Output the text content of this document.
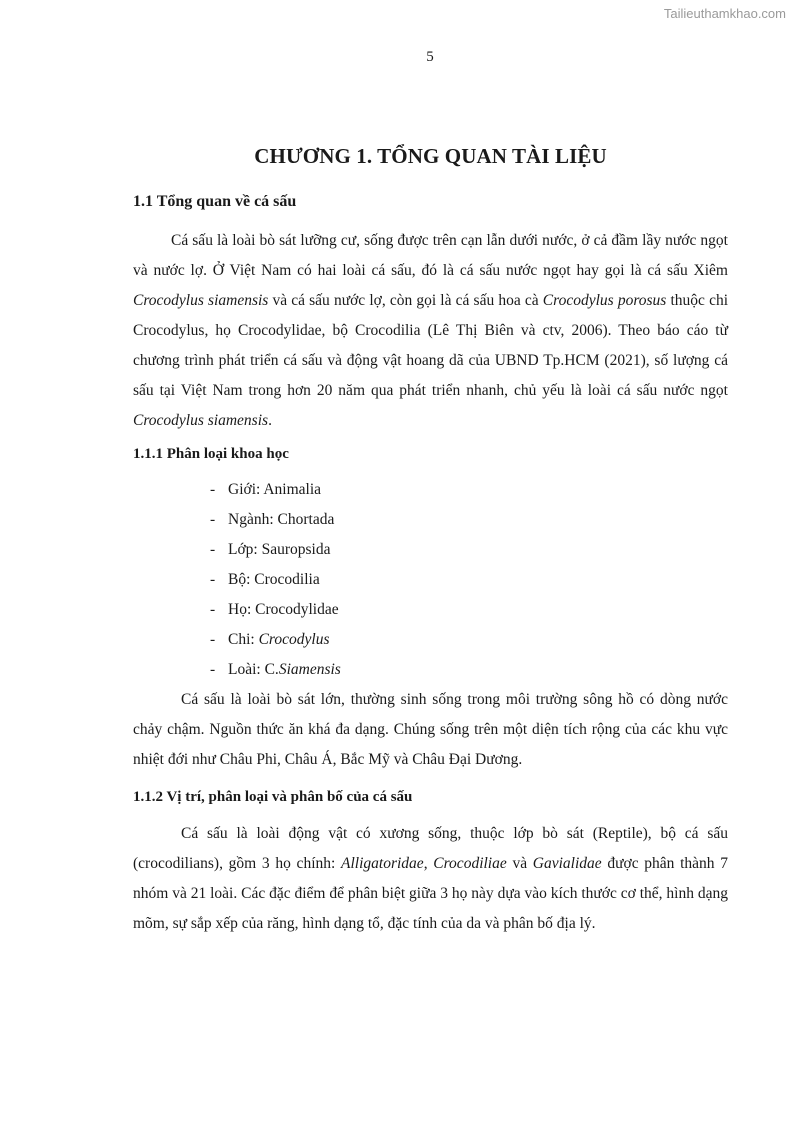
Tailieuthamkhao.com
5
CHƯƠNG 1. TỔNG QUAN TÀI LIỆU
1.1 Tổng quan về cá sấu

Cá sấu là loài bò sát lưỡng cư, sống được trên cạn lẫn dưới nước, ở cả đầm lầy nước ngọt và nước lợ. Ở Việt Nam có hai loài cá sấu, đó là cá sấu nước ngọt hay gọi là cá sấu Xiêm Crocodylus siamensis và cá sấu nước lợ, còn gọi là cá sấu hoa cà Crocodylus porosus thuộc chi Crocodylus, họ Crocodylidae, bộ Crocodilia (Lê Thị Biên và ctv, 2006). Theo báo cáo từ chương trình phát triển cá sấu và động vật hoang dã của UBND Tp.HCM (2021), số lượng cá sấu tại Việt Nam trong hơn 20 năm qua phát triển nhanh, chủ yếu là loài cá sấu nước ngọt Crocodylus siamensis.

1.1.1 Phân loại khoa học
- Giới: Animalia
- Ngành: Chortada
- Lớp: Sauropsida
- Bộ: Crocodilia
- Họ: Crocodylidae
- Chi: Crocodylus
- Loài: C.Siamensis

Cá sấu là loài bò sát lớn, thường sinh sống trong môi trường sông hồ có dòng nước chảy chậm. Nguồn thức ăn khá đa dạng. Chúng sống trên một diện tích rộng của các khu vực nhiệt đới như Châu Phi, Châu Á, Bắc Mỹ và Châu Đại Dương.

1.1.2 Vị trí, phân loại và phân bố của cá sấu

Cá sấu là loài động vật có xương sống, thuộc lớp bò sát (Reptile), bộ cá sấu (crocodilians), gồm 3 họ chính: Alligatoridae, Crocodiliae và Gavialidae được phân thành 7 nhóm và 21 loài. Các đặc điểm để phân biệt giữa 3 họ này dựa vào kích thước cơ thể, hình dạng mõm, sự sắp xếp của răng, hình dạng tổ, đặc tính của da và phân bố địa lý.
